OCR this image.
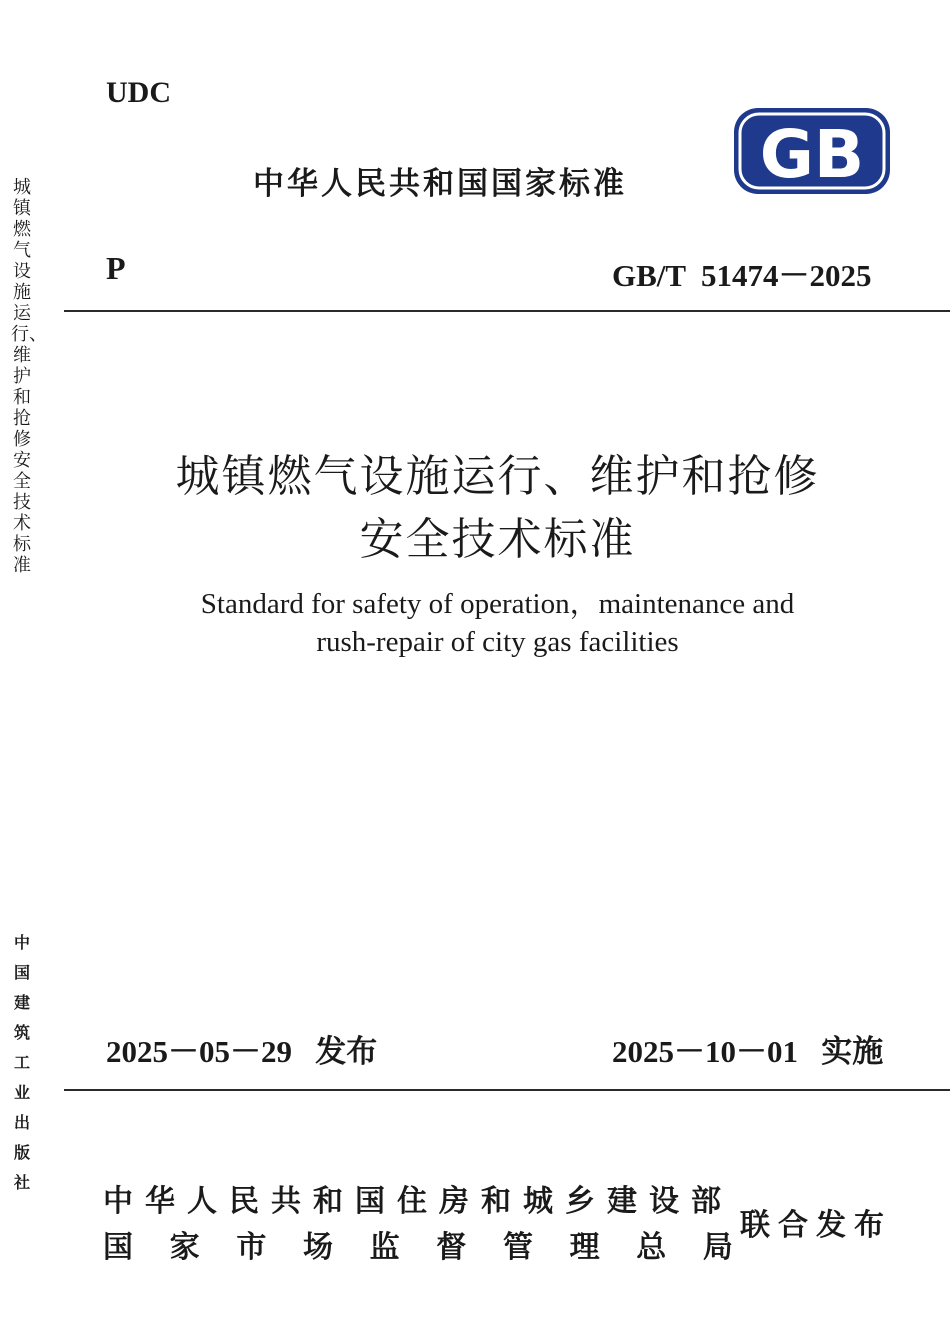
UDC
中华人民共和国国家标准 GB
P	GB/T  51474－2025
城镇燃气设施运行、维护和抢修安全技术标准
中国建筑工业出版社
城镇燃气设施运行、维护和抢修
安全技术标准
Standard for safety of operation，maintenance and
rush-repair of city gas facilities
2025－05－29 发布	2025－10－01 实施
中华人民共和国住房和城乡建设部
国 家 市 场 监 督 管 理 总 局
联合发布
